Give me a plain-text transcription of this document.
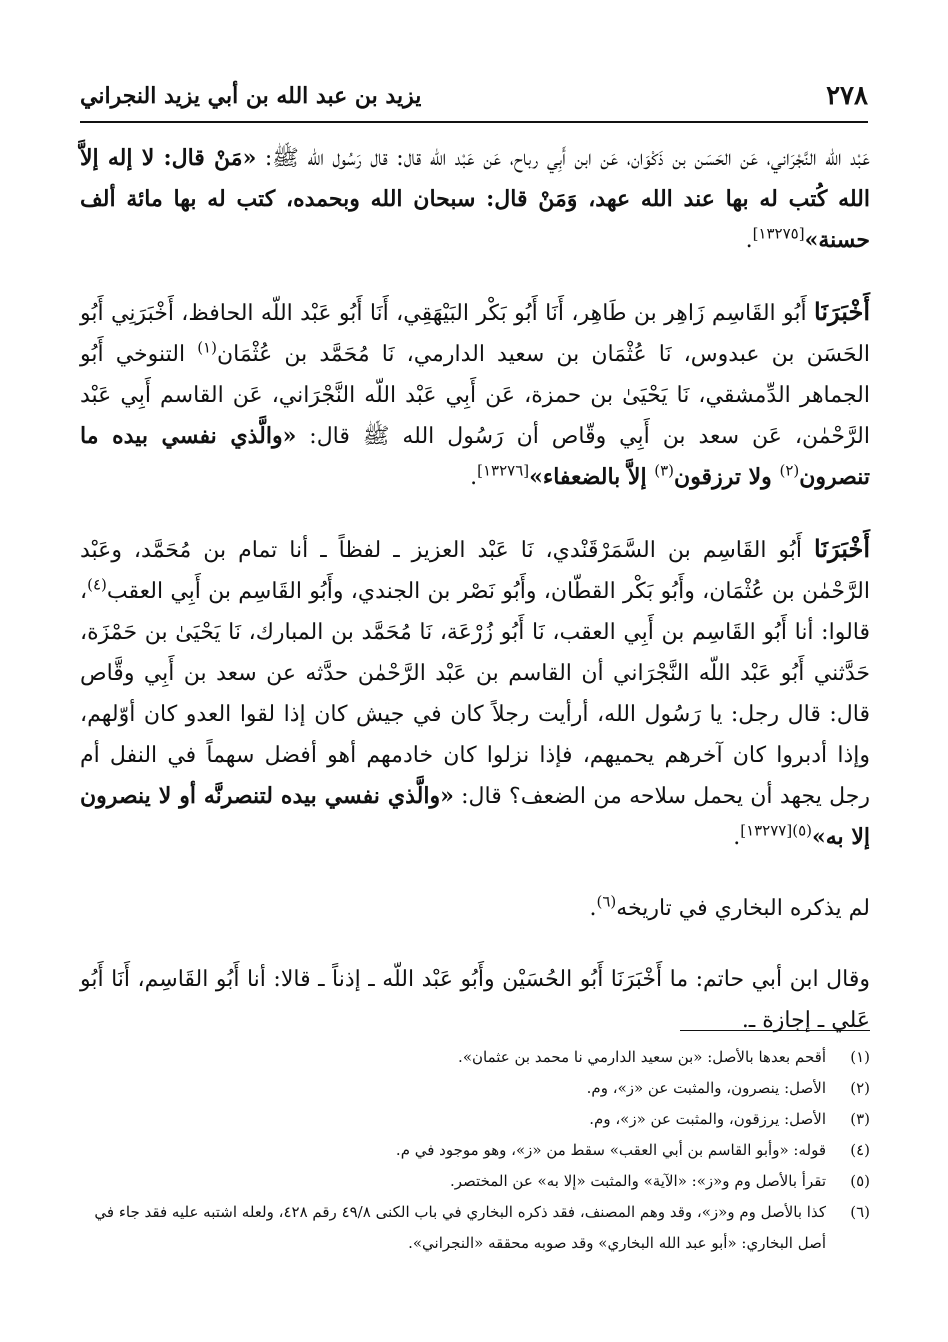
٢٧٨
يزيد بن عبد الله بن أبي يزيد النجراني

عَبْد اللّه النَّجْرَاني، عَن الحَسَن بن ذَكْوَان، عَن ابن أَبِي رباح، عَن عَبْد اللّه قال: قال رَسُول الله ﷺ: «مَنْ قال: لا إله إلاَّ الله كُتب له بها عند الله عهد، وَمَنْ قال: سبحان الله وبحمده، كتب له بها مائة ألف حسنة»[١٣٢٧٥].

أَخْبَرَنَا أَبُو القَاسِم زَاهِر بن طَاهِر، أَنَا أَبُو بَكْر البَيْهَقِي، أَنَا أَبُو عَبْد اللّه الحافظ، أَخْبَرَنِي أَبُو الحَسَن بن عبدوس، نَا عُثْمَان بن سعيد الدارمي، نَا مُحَمَّد بن عُثْمَان$^{(١)}$ التنوخي أَبُو الجماهر الدِّمشقي، نَا يَحْيَىٰ بن حمزة، عَن أَبِي عَبْد اللّه النَّجْرَاني، عَن القاسم أَبِي عَبْد الرَّحْمٰن، عَن سعد بن أَبِي وقّاص أن رَسُول الله ﷺ قال: «والَّذي نفسي بيده ما تنصرون$^{(٢)}$ ولا ترزقون$^{(٣)}$ إلاَّ بالضعفاء»[١٣٢٧٦].

أَخْبَرَنَا أَبُو القَاسِم بن السَّمَرْقَنْدي، نَا عَبْد العزيز ـ لفظاً ـ أنا تمام بن مُحَمَّد، وعَبْد الرَّحْمٰن بن عُثْمَان، وأَبُو بَكْر القطّان، وأَبُو نَصْر بن الجندي، وأَبُو القَاسِم بن أَبِي العقب$^{(٤)}$، قالوا: أنا أَبُو القَاسِم بن أَبِي العقب، نَا أَبُو زُرْعَة، نَا مُحَمَّد بن المبارك، نَا يَحْيَىٰ بن حَمْزَة، حَدَّثني أَبُو عَبْد اللّه النَّجْرَاني أن القاسم بن عَبْد الرَّحْمٰن حدَّثه عن سعد بن أَبِي وقَّاص قال: قال رجل: يا رَسُول الله، أرأيت رجلاً كان في جيش كان إذا لقوا العدو كان أوّلهم، وإذا أدبروا كان آخرهم يحميهم، فإذا نزلوا كان خادمهم أهو أفضل سهماً في النفل أم رجل يجهد أن يحمل سلاحه من الضعف؟ قال: «والَّذي نفسي بيده لتنصرنَّه أو لا ينصرون إلا به»$^{(٥)[١٣٢٧٧]}$.

لم يذكره البخاري في تاريخه$^{(٦)}$.

وقال ابن أبي حاتم: ما أَخْبَرَنَا أَبُو الحُسَيْن وأَبُو عَبْد اللّه ـ إذناً ـ قالا: أنا أَبُو القَاسِم، أَنَا أَبُو عَلي ـ إجازة ـ.

(١)
أقحم بعدها بالأصل: «بن سعيد الدارمي نا محمد بن عثمان».
(٢)
الأصل: ينصرون، والمثبت عن «ز»، وم.
(٣)
الأصل: يرزقون، والمثبت عن «ز»، وم.
(٤)
قوله: «وأبو القاسم بن أبي العقب» سقط من «ز»، وهو موجود في م.
(٥)
تقرأ بالأصل وم و«ز»: «الآية» والمثبت «إلا به» عن المختصر.
(٦)
كذا بالأصل وم و«ز»، وقد وهم المصنف، فقد ذكره البخاري في باب الكنى ٤٩/٨ رقم ٤٢٨، ولعله اشتبه عليه فقد جاء في أصل البخاري: «أبو عبد الله البخاري» وقد صوبه محققه «النجراني».
